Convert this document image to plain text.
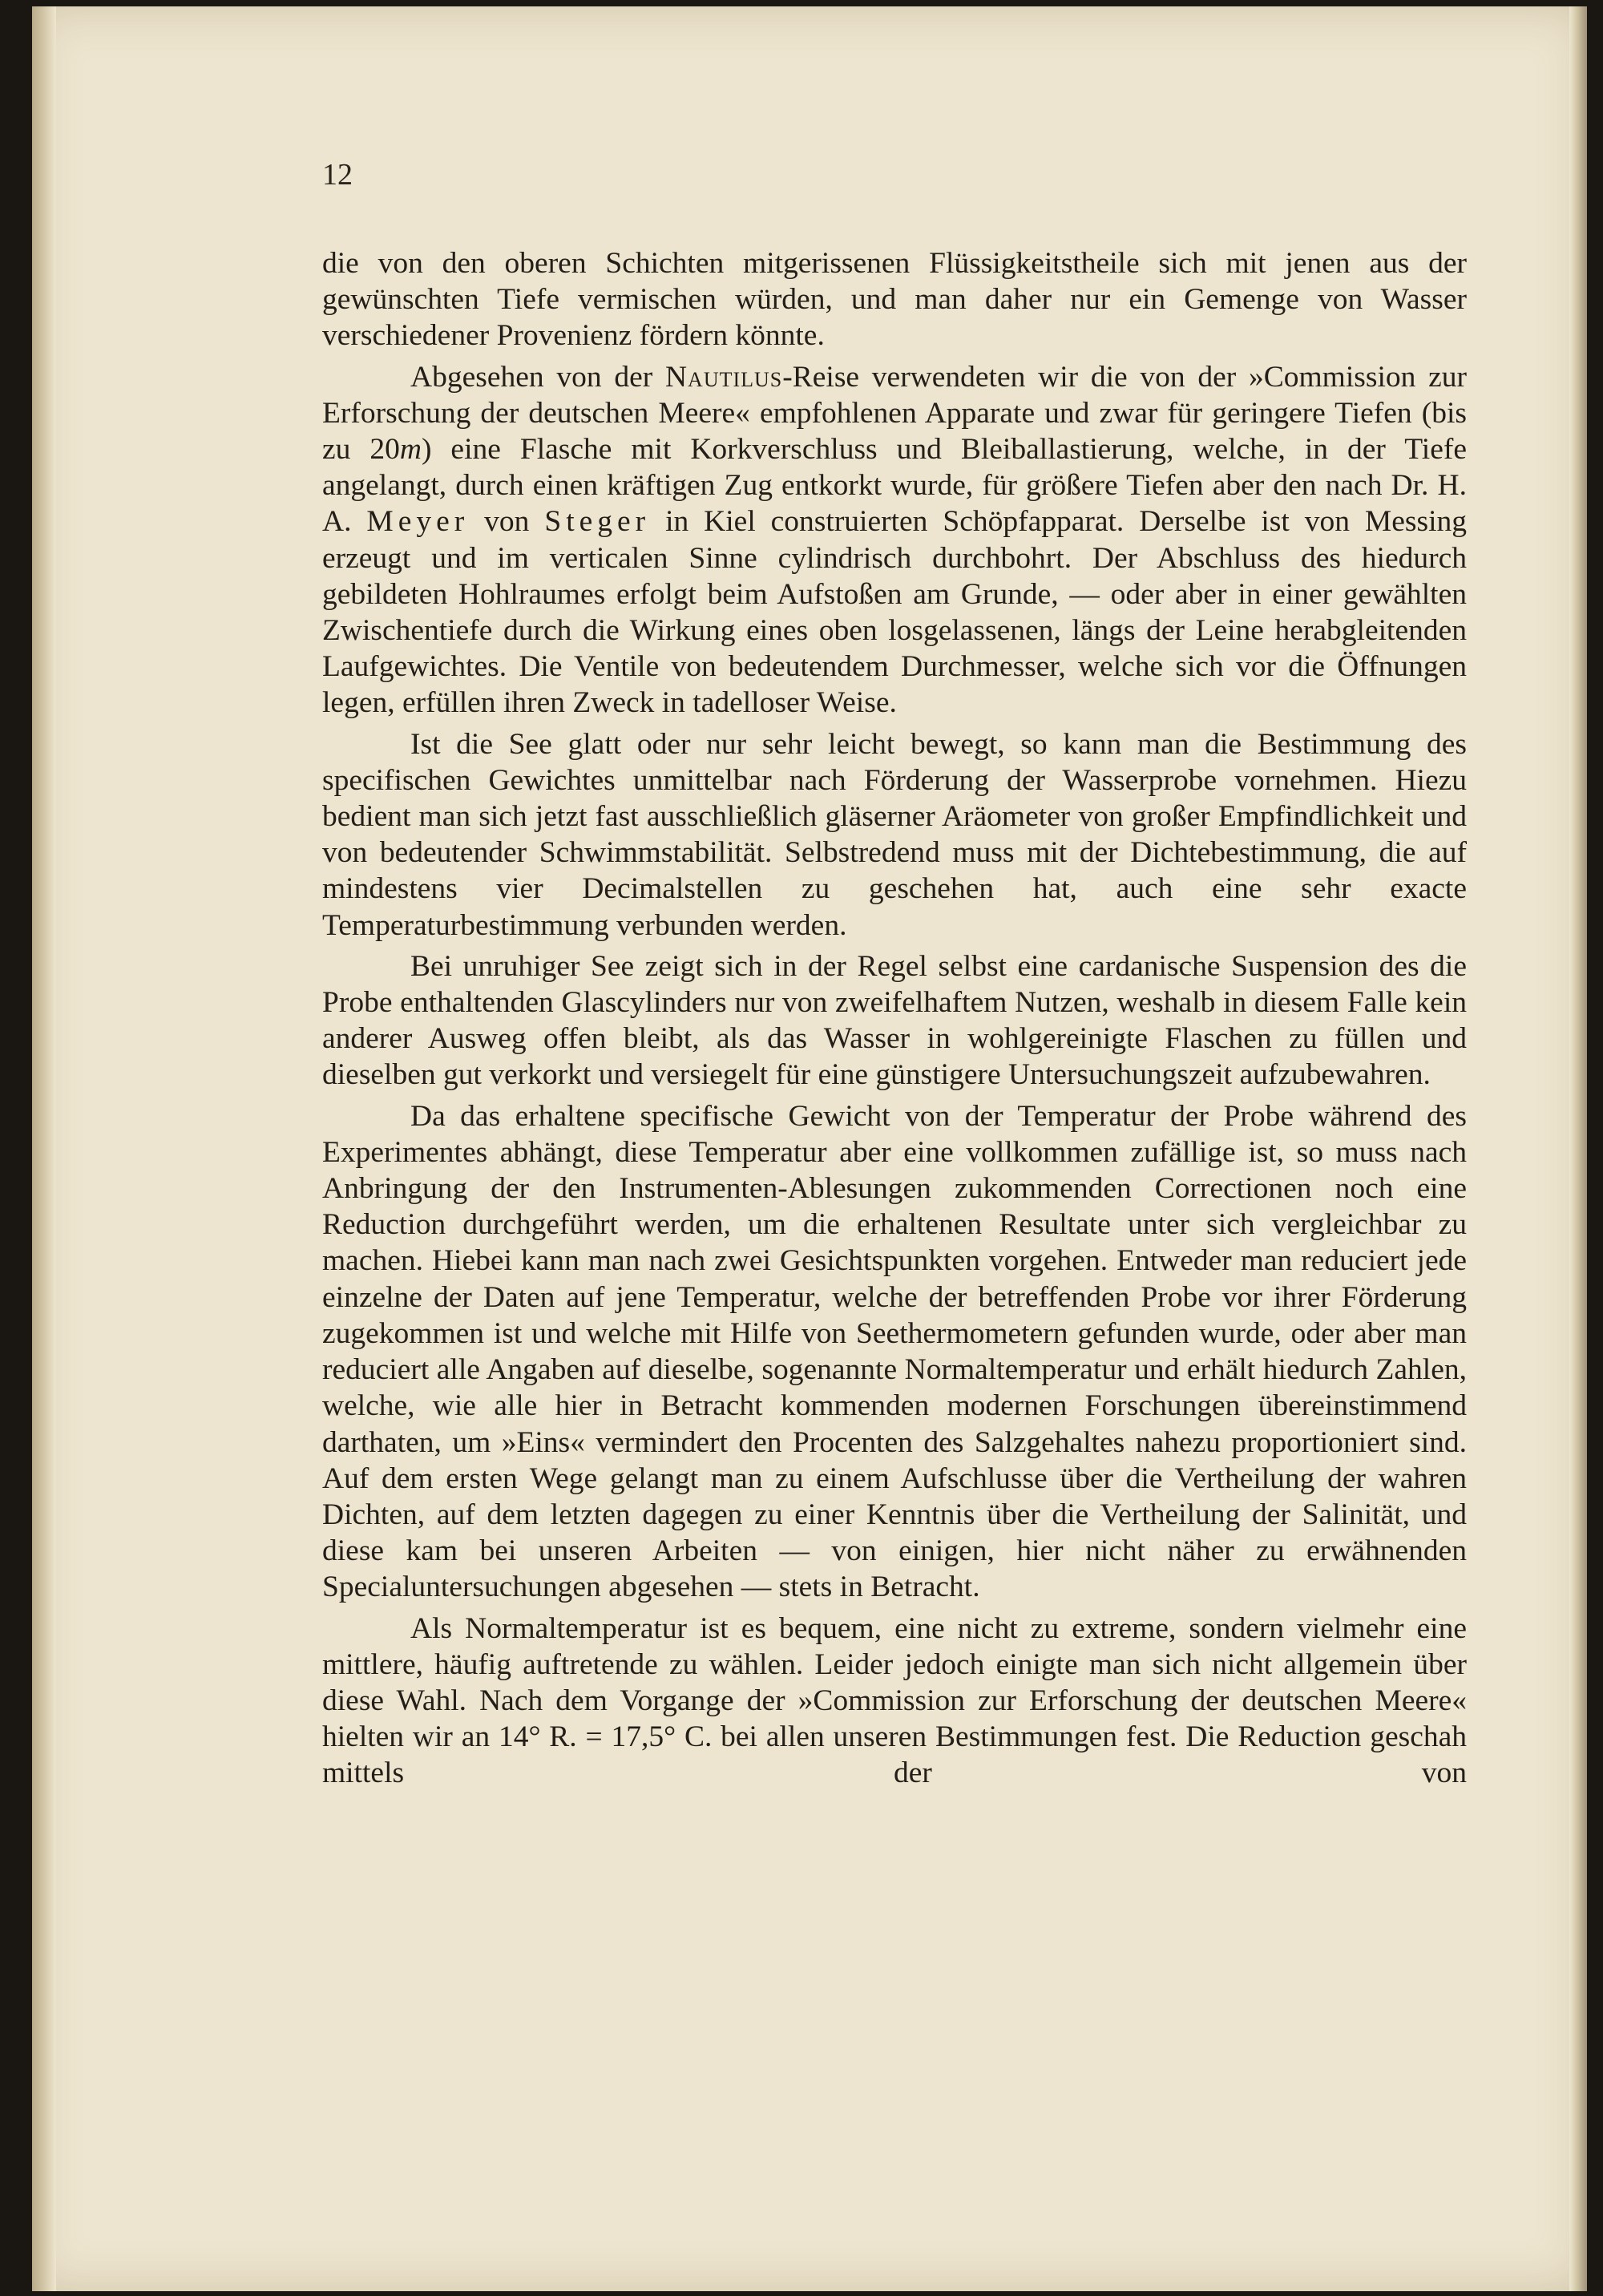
12

die von den oberen Schichten mitgerissenen Flüssigkeitstheile sich mit jenen aus der gewünschten Tiefe vermischen würden, und man daher nur ein Gemenge von Wasser verschiedener Provenienz fördern könnte.

Abgesehen von der Nautilus-Reise verwendeten wir die von der »Commission zur Erforschung der deutschen Meere« empfohlenen Apparate und zwar für geringere Tiefen (bis zu 20m) eine Flasche mit Korkverschluss und Bleiballastierung, welche, in der Tiefe angelangt, durch einen kräftigen Zug entkorkt wurde, für größere Tiefen aber den nach Dr. H. A. Meyer von Steger in Kiel construierten Schöpfapparat. Derselbe ist von Messing erzeugt und im verticalen Sinne cylindrisch durchbohrt. Der Abschluss des hiedurch gebildeten Hohlraumes erfolgt beim Aufstoßen am Grunde, — oder aber in einer gewählten Zwischentiefe durch die Wirkung eines oben losgelassenen, längs der Leine herabgleitenden Laufgewichtes. Die Ventile von bedeutendem Durchmesser, welche sich vor die Öffnungen legen, erfüllen ihren Zweck in tadelloser Weise.

Ist die See glatt oder nur sehr leicht bewegt, so kann man die Bestimmung des specifischen Gewichtes unmittelbar nach Förderung der Wasserprobe vornehmen. Hiezu bedient man sich jetzt fast ausschließlich gläserner Aräometer von großer Empfindlichkeit und von bedeutender Schwimmstabilität. Selbstredend muss mit der Dichtebestimmung, die auf mindestens vier Decimalstellen zu geschehen hat, auch eine sehr exacte Temperaturbestimmung verbunden werden.

Bei unruhiger See zeigt sich in der Regel selbst eine cardanische Suspension des die Probe enthaltenden Glascylinders nur von zweifelhaftem Nutzen, weshalb in diesem Falle kein anderer Ausweg offen bleibt, als das Wasser in wohlgereinigte Flaschen zu füllen und dieselben gut verkorkt und versiegelt für eine günstigere Untersuchungszeit aufzubewahren.

Da das erhaltene specifische Gewicht von der Temperatur der Probe während des Experimentes abhängt, diese Temperatur aber eine vollkommen zufällige ist, so muss nach Anbringung der den Instrumenten-Ablesungen zukommenden Correctionen noch eine Reduction durchgeführt werden, um die erhaltenen Resultate unter sich vergleichbar zu machen. Hiebei kann man nach zwei Gesichtspunkten vorgehen. Entweder man reduciert jede einzelne der Daten auf jene Temperatur, welche der betreffenden Probe vor ihrer Förderung zugekommen ist und welche mit Hilfe von Seethermometern gefunden wurde, oder aber man reduciert alle Angaben auf dieselbe, sogenannte Normaltemperatur und erhält hiedurch Zahlen, welche, wie alle hier in Betracht kommenden modernen Forschungen übereinstimmend darthaten, um »Eins« vermindert den Procenten des Salzgehaltes nahezu proportioniert sind. Auf dem ersten Wege gelangt man zu einem Aufschlusse über die Vertheilung der wahren Dichten, auf dem letzten dagegen zu einer Kenntnis über die Vertheilung der Salinität, und diese kam bei unseren Arbeiten — von einigen, hier nicht näher zu erwähnenden Specialuntersuchungen abgesehen — stets in Betracht.

Als Normaltemperatur ist es bequem, eine nicht zu extreme, sondern vielmehr eine mittlere, häufig auftretende zu wählen. Leider jedoch einigte man sich nicht allgemein über diese Wahl. Nach dem Vorgange der »Commission zur Erforschung der deutschen Meere« hielten wir an 14° R. = 17,5° C. bei allen unseren Bestimmungen fest. Die Reduction geschah mittels der von
